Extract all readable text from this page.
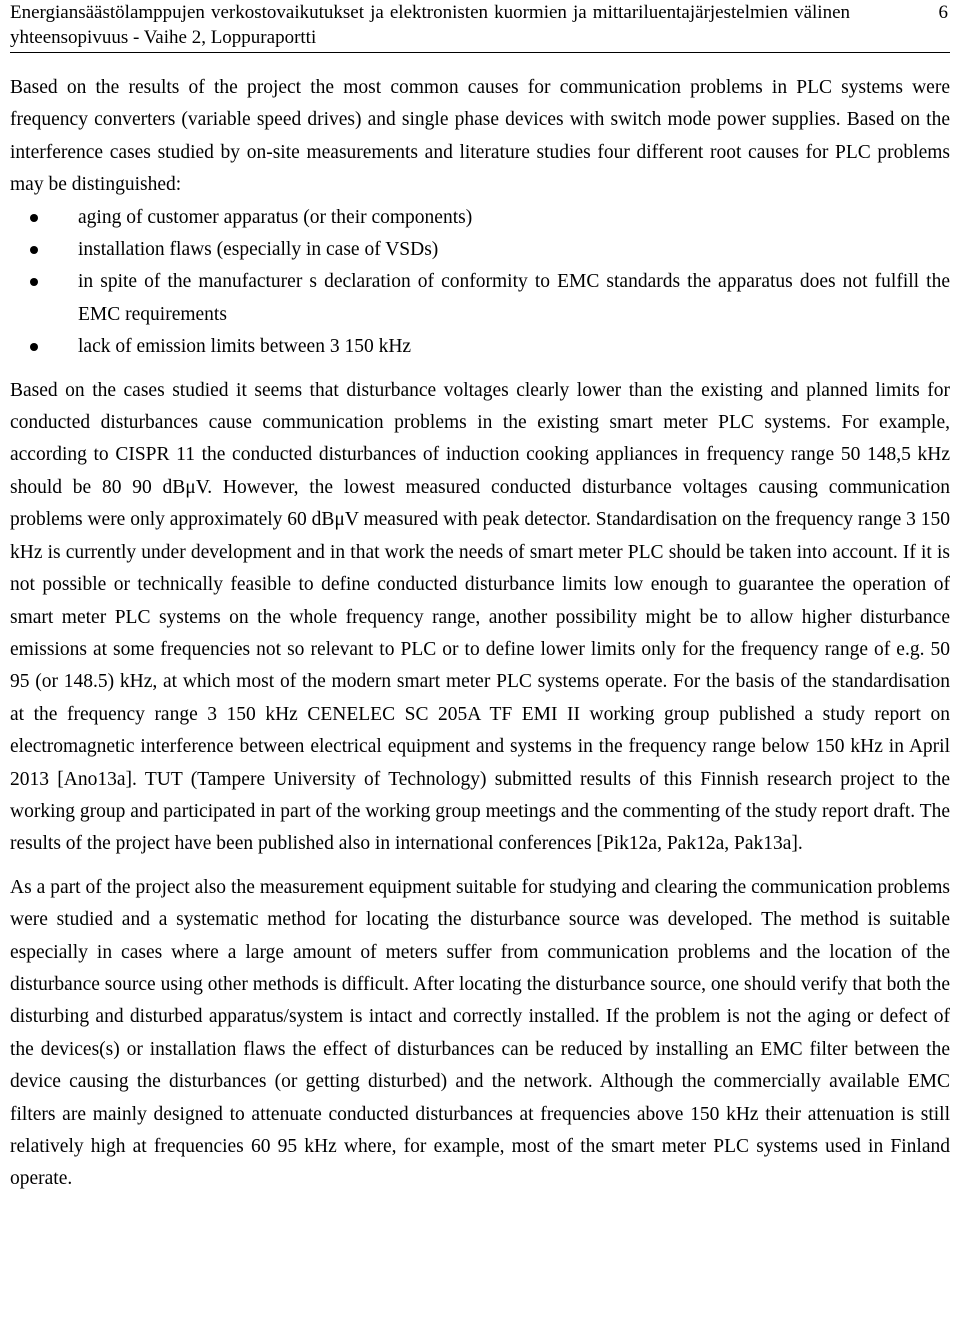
Energiansäästölamppujen verkostovaikutukset ja elektronisten kuormien ja mittariluentajärjestelmien välinen yhteensopivuus - Vaihe 2, Loppuraportti
6

Based on the results of the project the most common causes for communication problems in PLC systems were frequency converters (variable speed drives) and single phase devices with switch mode power supplies. Based on the interference cases studied by on-site measurements and literature studies four different root causes for PLC problems may be distinguished:

aging of customer apparatus (or their components)
installation flaws (especially in case of VSDs)
in spite of the manufacturer s declaration of conformity to EMC standards the apparatus does not fulfill the EMC requirements
lack of emission limits between 3 150 kHz

Based on the cases studied it seems that disturbance voltages clearly lower than the existing and planned limits for conducted disturbances cause communication problems in the existing smart meter PLC systems. For example, according to CISPR 11 the conducted disturbances of induction cooking appliances in frequency range 50 148,5 kHz should be 80 90 dBμV. However, the lowest measured conducted disturbance voltages causing communication problems were only approximately 60 dBμV measured with peak detector. Standardisation on the frequency range 3 150 kHz is currently under development and in that work the needs of smart meter PLC should be taken into account. If it is not possible or technically feasible to define conducted disturbance limits low enough to guarantee the operation of smart meter PLC systems on the whole frequency range, another possibility might be to allow higher disturbance emissions at some frequencies not so relevant to PLC or to define lower limits only for the frequency range of e.g. 50 95 (or 148.5) kHz, at which most of the modern smart meter PLC systems operate. For the basis of the standardisation at the frequency range 3 150 kHz CENELEC SC 205A TF EMI II working group published a study report on electromagnetic interference between electrical equipment and systems in the frequency range below 150 kHz in April 2013 [Ano13a]. TUT (Tampere University of Technology) submitted results of this Finnish research project to the working group and participated in part of the working group meetings and the commenting of the study report draft. The results of the project have been published also in international conferences [Pik12a, Pak12a, Pak13a].

As a part of the project also the measurement equipment suitable for studying and clearing the communication problems were studied and a systematic method for locating the disturbance source was developed. The method is suitable especially in cases where a large amount of meters suffer from communication problems and the location of the disturbance source using other methods is difficult. After locating the disturbance source, one should verify that both the disturbing and disturbed apparatus/system is intact and correctly installed. If the problem is not the aging or defect of the devices(s) or installation flaws the effect of disturbances can be reduced by installing an EMC filter between the device causing the disturbances (or getting disturbed) and the network. Although the commercially available EMC filters are mainly designed to attenuate conducted disturbances at frequencies above 150 kHz their attenuation is still relatively high at frequencies 60 95 kHz where, for example, most of the smart meter PLC systems used in Finland operate.
